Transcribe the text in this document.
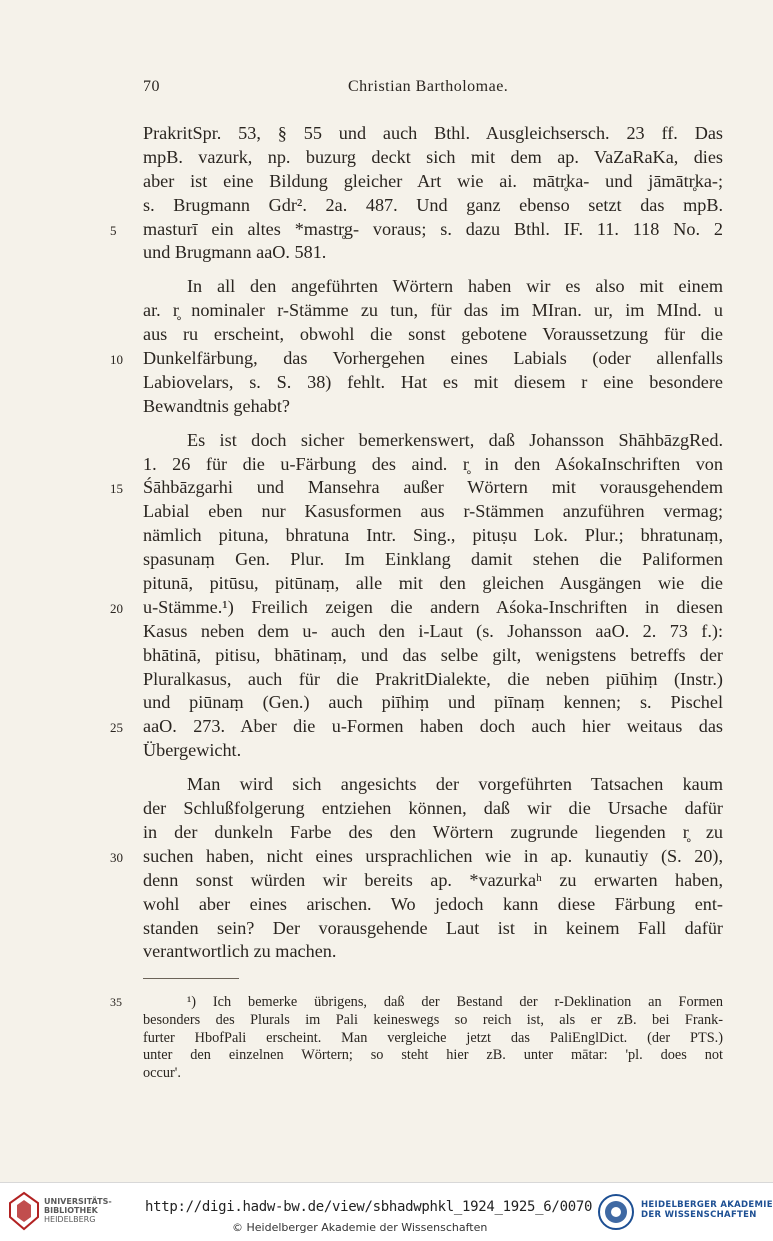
70	Christian Bartholomae.
PrakritSpr. 53, § 55 und auch Bthl. Ausgleichsersch. 23 ff. Das
mpB. vazurk, np. buzurg deckt sich mit dem ap. VaZaRaKa, dies
aber ist eine Bildung gleicher Art wie ai. mātr̥ka- und jāmātr̥ka-;
s. Brugmann Gdr². 2a. 487. Und ganz ebenso setzt das mpB.
5	masturī ein altes *mastr̥g- voraus; s. dazu Bthl. IF. 11. 118 No. 2
und Brugmann aaO. 581.
In all den angeführten Wörtern haben wir es also mit einem
ar. r̥ nominaler r-Stämme zu tun, für das im MIran. ur, im MInd. u
aus ru erscheint, obwohl die sonst gebotene Voraussetzung für die
10	Dunkelfärbung, das Vorhergehen eines Labials (oder allenfalls
Labiovelars, s. S. 38) fehlt. Hat es mit diesem r eine besondere
Bewandtnis gehabt?
Es ist doch sicher bemerkenswert, daß Johansson ShāhbāzgRed.
1. 26 für die u-Färbung des aind. r̥ in den AśokaInschriften von
15	Śāhbāzgarhi und Mansehra außer Wörtern mit vorausgehendem
Labial eben nur Kasusformen aus r-Stämmen anzuführen vermag;
nämlich pituna, bhratuna Intr. Sing., pituṣu Lok. Plur.; bhratunaṃ,
spasunaṃ Gen. Plur. Im Einklang damit stehen die Paliformen
pitunā, pitūsu, pitūnaṃ, alle mit den gleichen Ausgängen wie die
20	u-Stämme.¹) Freilich zeigen die andern Aśoka-Inschriften in diesen
Kasus neben dem u- auch den i-Laut (s. Johansson aaO. 2. 73 f.):
bhātinā, pitisu, bhātinaṃ, und das selbe gilt, wenigstens betreffs der
Pluralkasus, auch für die PrakritDialekte, die neben piūhiṃ (Instr.)
und piūnaṃ (Gen.) auch piīhiṃ und piīnaṃ kennen; s. Pischel
25	aaO. 273. Aber die u-Formen haben doch auch hier weitaus das
Übergewicht.
Man wird sich angesichts der vorgeführten Tatsachen kaum
der Schlußfolgerung entziehen können, daß wir die Ursache dafür
in der dunkeln Farbe des den Wörtern zugrunde liegenden r̥ zu
30	suchen haben, nicht eines ursprachlichen wie in ap. kunautiy (S. 20),
denn sonst würden wir bereits ap. *vazurkaʰ zu erwarten haben,
wohl aber eines arischen. Wo jedoch kann diese Färbung ent-
standen sein? Der vorausgehende Laut ist in keinem Fall dafür
verantwortlich zu machen.
35	¹) Ich bemerke übrigens, daß der Bestand der r-Deklination an Formen
besonders des Plurals im Pali keineswegs so reich ist, als er zB. bei Frank-
furter HbofPali erscheint. Man vergleiche jetzt das PaliEnglDict. (der PTS.)
unter den einzelnen Wörtern; so steht hier zB. unter mātar: 'pl. does not
occur'.
UNIVERSITÄTS-
BIBLIOTHEK
HEIDELBERG
http://digi.hadw-bw.de/view/sbhadwphkl_1924_1925_6/0070
© Heidelberger Akademie der Wissenschaften
HEIDELBERGER AKADEMIE
DER WISSENSCHAFTEN
